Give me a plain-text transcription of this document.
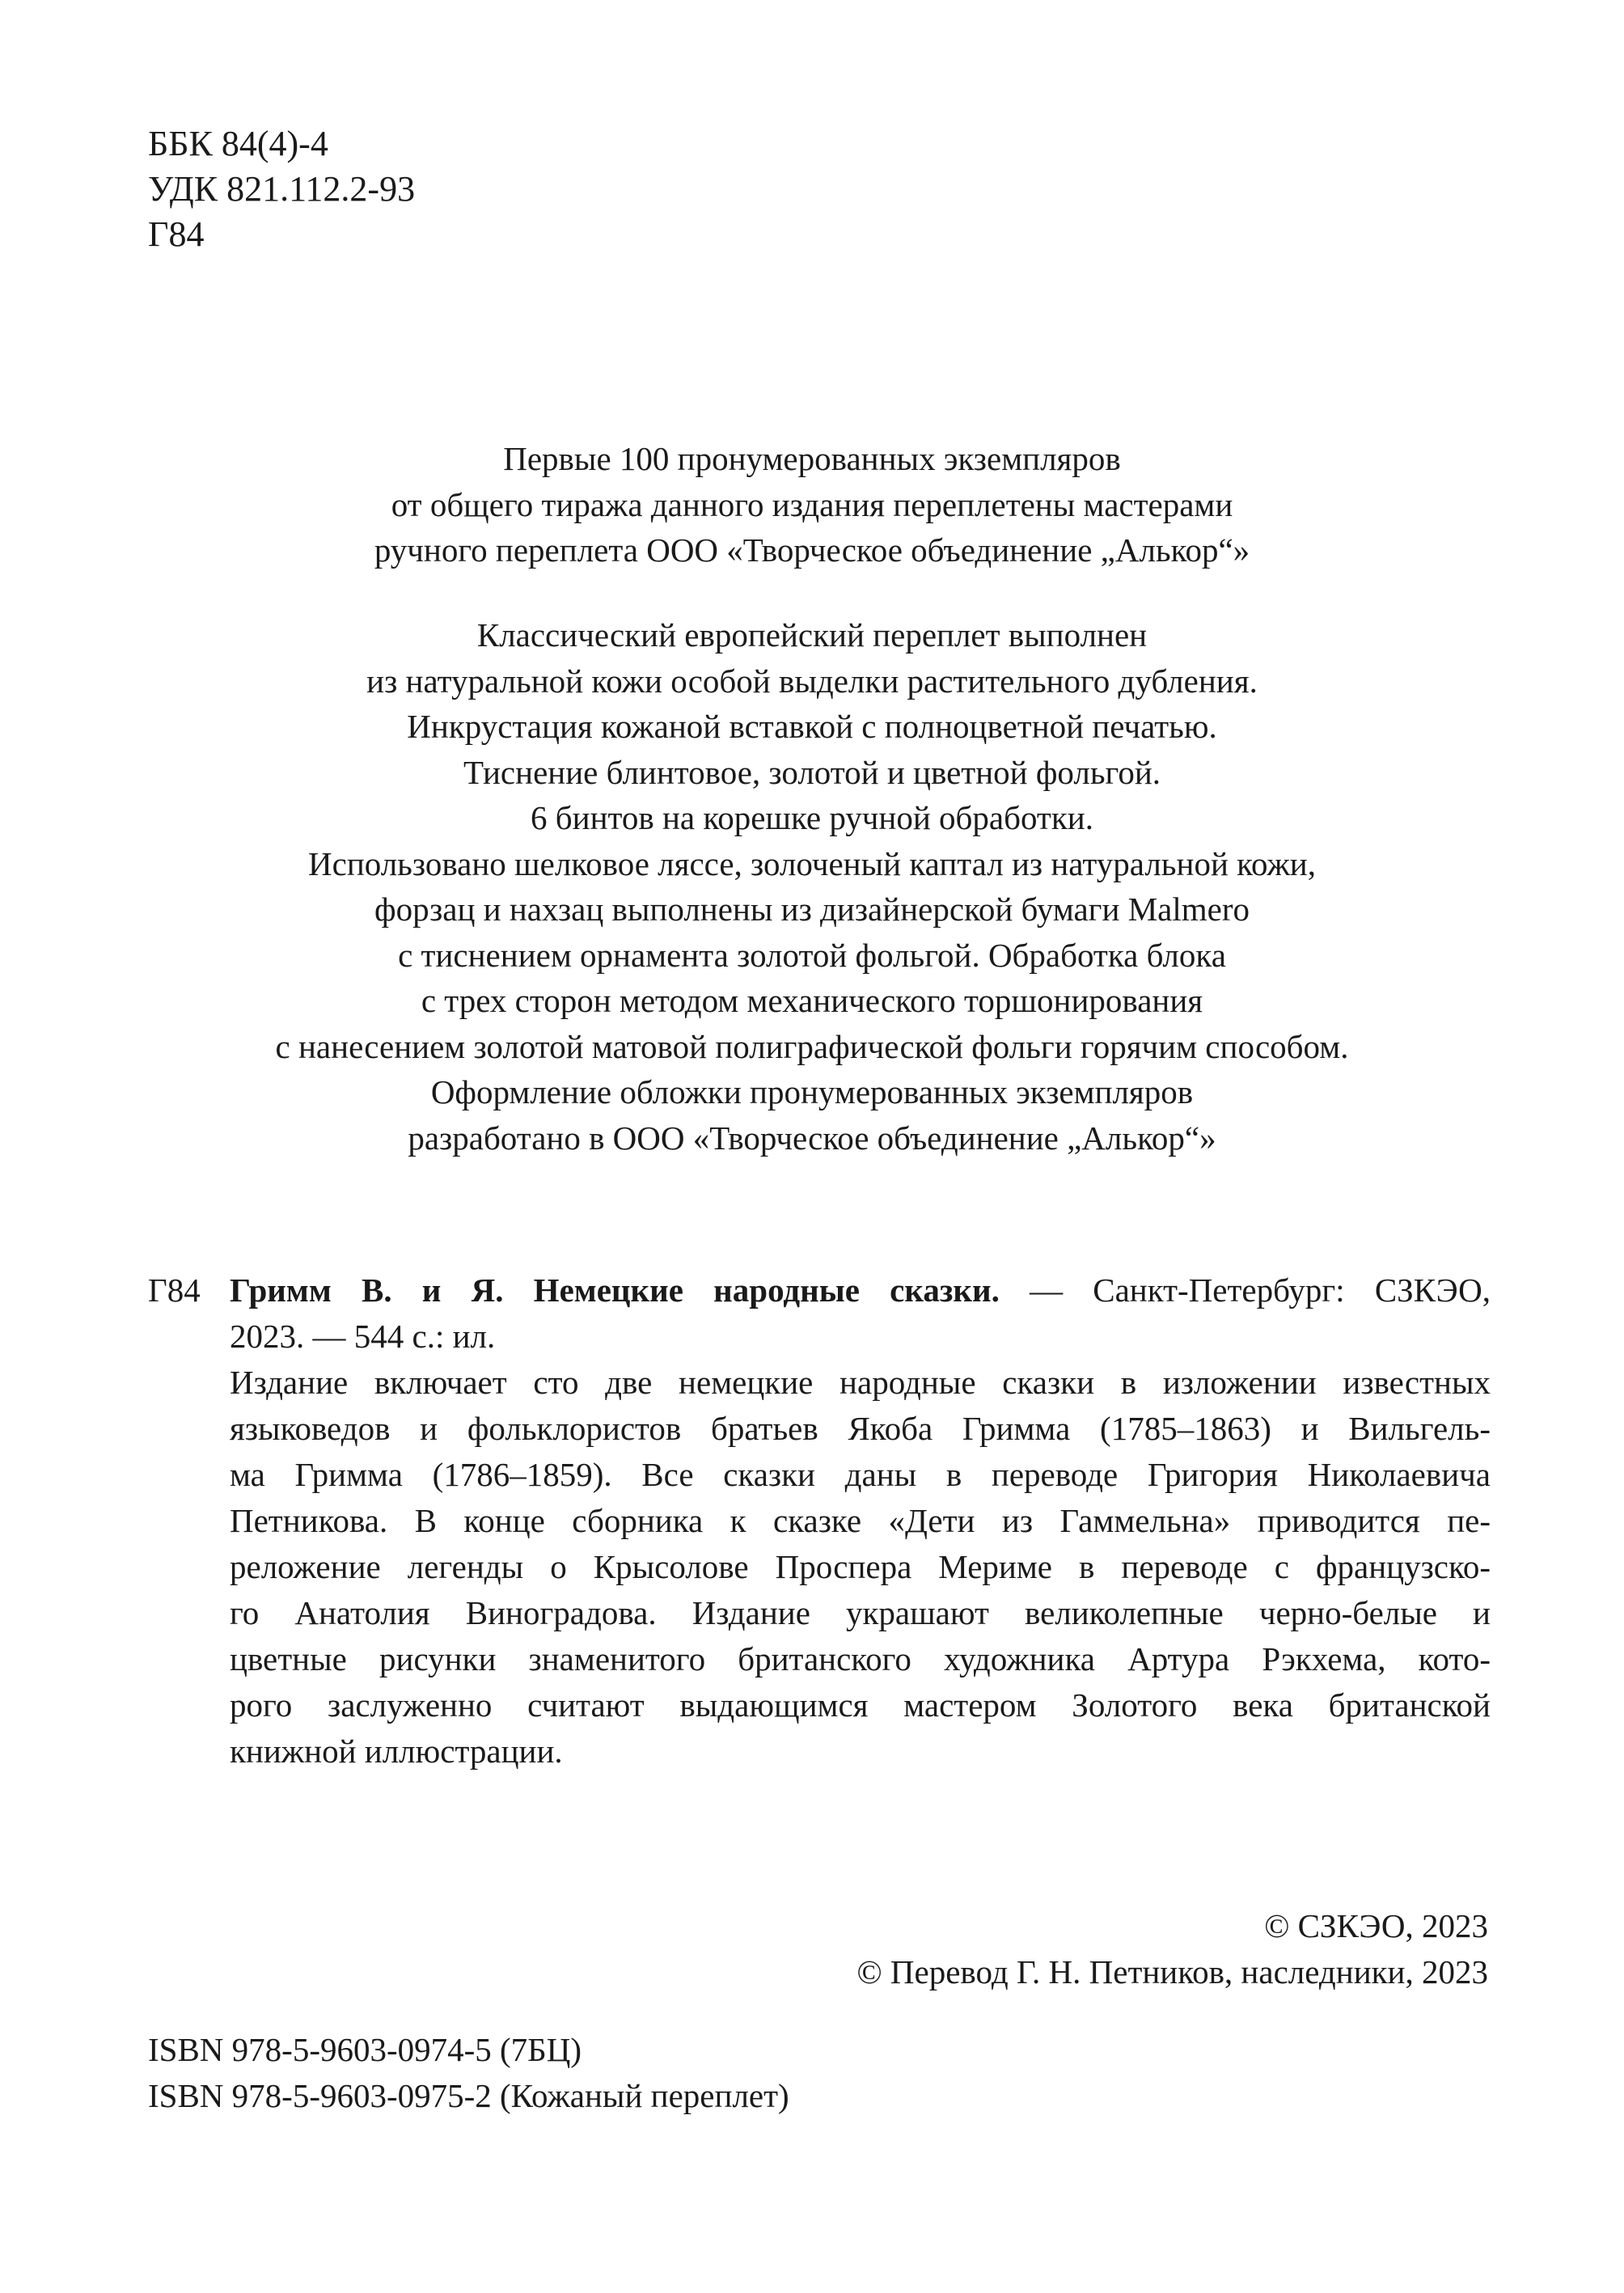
ББК 84(4)-4
УДК 821.112.2-93
Г84
Первые 100 пронумерованных экземпляров
от общего тиража данного издания переплетены мастерами
ручного переплета ООО «Творческое объединение „Алькор“»
Классический европейский переплет выполнен
из натуральной кожи особой выделки растительного дубления.
Инкрустация кожаной вставкой с полноцветной печатью.
Тиснение блинтовое, золотой и цветной фольгой.
6 бинтов на корешке ручной обработки.
Использовано шелковое ляссе, золоченый каптал из натуральной кожи,
форзац и нахзац выполнены из дизайнерской бумаги Malmero
с тиснением орнамента золотой фольгой. Обработка блока
с трех сторон методом механического торшонирования
с нанесением золотой матовой полиграфической фольги горячим способом.
Оформление обложки пронумерованных экземпляров
разработано в ООО «Творческое объединение „Алькор“»
Г84 Гримм В. и Я. Немецкие народные сказки. — Санкт-Петербург: СЗКЭО,
2023. — 544 с.: ил.
Издание включает сто две немецкие народные сказки в изложении известных
языковедов и фольклористов братьев Якоба Гримма (1785–1863) и Вильгель-
ма Гримма (1786–1859). Все сказки даны в переводе Григория Николаевича
Петникова. В конце сборника к сказке «Дети из Гаммельна» приводится пе-
реложение легенды о Крысолове Проспера Мериме в переводе с французско-
го Анатолия Виноградова. Издание украшают великолепные черно-белые и
цветные рисунки знаменитого британского художника Артура Рэкхема, кото-
рого заслуженно считают выдающимся мастером Золотого века британской
книжной иллюстрации.
© СЗКЭО, 2023
© Перевод Г. Н. Петников, наследники, 2023
ISBN 978-5-9603-0974-5 (7БЦ)
ISBN 978-5-9603-0975-2 (Кожаный переплет)
